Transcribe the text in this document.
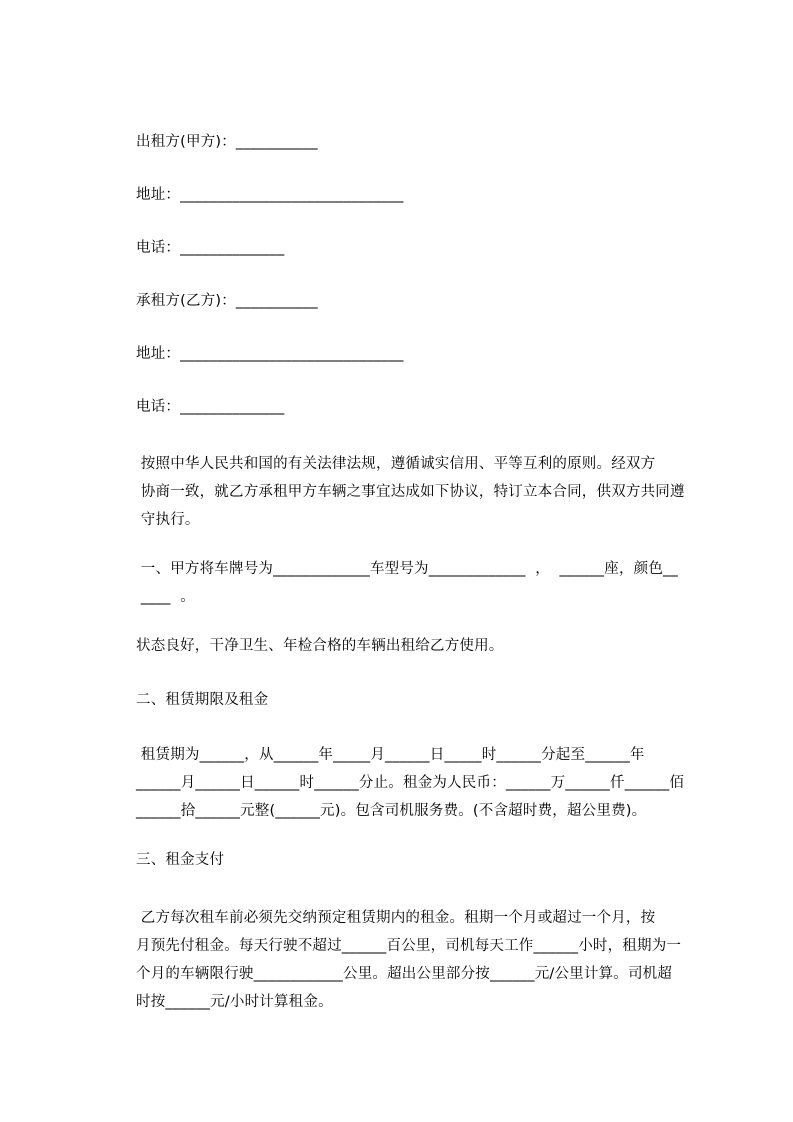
出租方(甲方)：___________
地址：______________________________
电话：______________
承租方(乙方)：___________
地址：______________________________
电话：______________
按照中华人民共和国的有关法律法规，遵循诚实信用、平等互利的原则。经双方
协商一致，就乙方承租甲方车辆之事宜达成如下协议，特订立本合同，供双方共同遵
守执行。
一、甲方将车牌号为_____________车型号为_____________  ，  ______座，颜色__
____  。
状态良好，干净卫生、年检合格的车辆出租给乙方使用。
二、租赁期限及租金
租赁期为______，从______年_____月______日_____时______分起至______年
______月______日______时______分止。租金为人民币：______万______仟______佰
______拾______元整(______元)。包含司机服务费。(不含超时费，超公里费)。
三、租金支付
乙方每次租车前必须先交纳预定租赁期内的租金。租期一个月或超过一个月，按
月预先付租金。每天行驶不超过______百公里，司机每天工作______小时，租期为一
个月的车辆限行驶____________公里。超出公里部分按______元/公里计算。司机超
时按______元/小时计算租金。
